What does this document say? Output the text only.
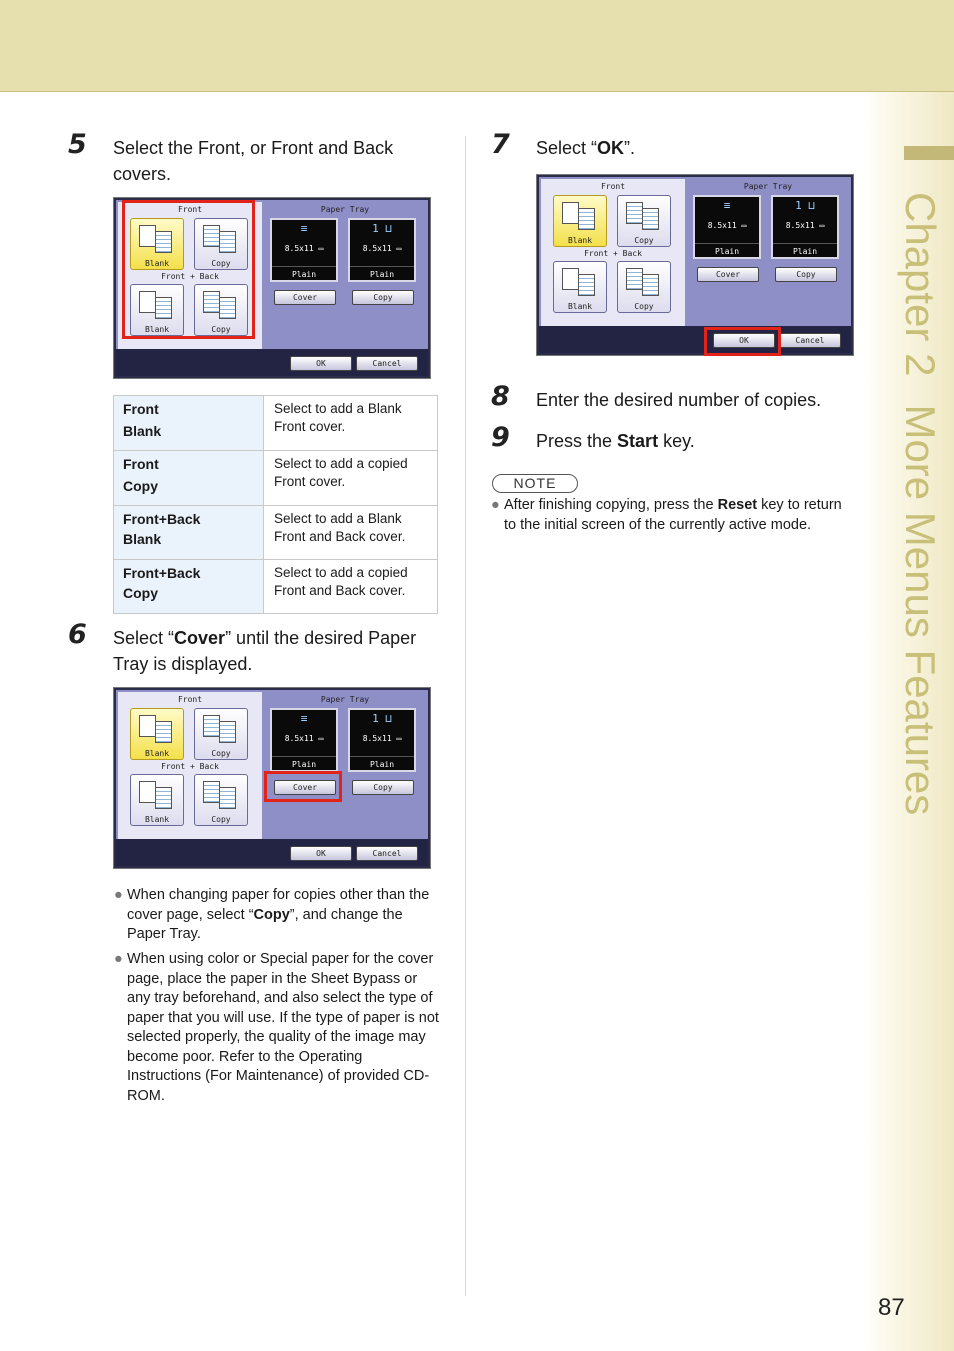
Chapter 2More Menus Features
5 Select the Front, or Front and Back covers.
Front
Blank	Copy
Front + Back
Blank	Copy
Paper Tray
≡
8.5x11 ▭
Plain
1 ⊔
8.5x11 ▭
Plain
Cover	Copy
OK	Cancel
Front
Blank	Select to add a Blank Front cover.

Front
Copy	Select to add a copied Front cover.

Front+Back
Blank	Select to add a Blank Front and Back cover.

Front+Back
Copy	Select to add a copied Front and Back cover.
6 Select “Cover” until the desired Paper Tray is displayed.
Front
Blank	Copy
Front + Back
Blank	Copy
Paper Tray
≡
8.5x11 ▭
Plain
1 ⊔
8.5x11 ▭
Plain
Cover	Copy
OK	Cancel
● When changing paper for copies other than the cover page, select “Copy”, and change the Paper Tray.
● When using color or Special paper for the cover page, place the paper in the Sheet Bypass or any tray beforehand, and also select the type of paper that you will use. If the type of paper is not selected properly, the quality of the image may become poor. Refer to the Operating Instructions (For Maintenance) of provided CD-ROM.
7 Select “OK”.
Front
Blank	Copy
Front + Back
Blank	Copy
Paper Tray
≡
8.5x11 ▭
Plain
1 ⊔
8.5x11 ▭
Plain
Cover	Copy
OK	Cancel
8 Enter the desired number of copies.
9 Press the Start key.
NOTE
● After finishing copying, press the Reset key to return to the initial screen of the currently active mode.
87
